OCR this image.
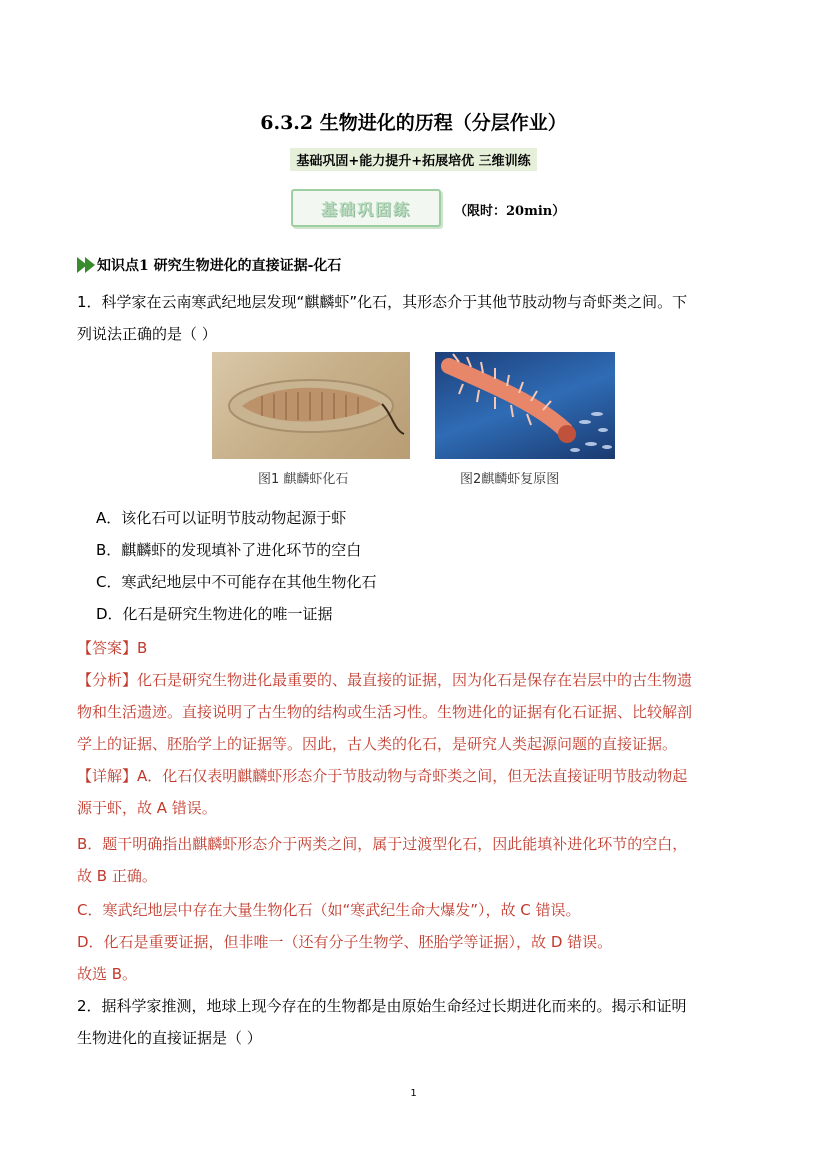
6.3.2 生物进化的历程（分层作业）
基础巩固+能力提升+拓展培优 三维训练
基础巩固练	（限时：20min）
知识点1 研究生物进化的直接证据-化石

1．科学家在云南寒武纪地层发现“麒麟虾”化石，其形态介于其他节肢动物与奇虾类之间。下

列说法正确的是（ ）

图1 麒麟虾化石	图2麒麟虾复原图
A．该化石可以证明节肢动物起源于虾
B．麒麟虾的发现填补了进化环节的空白
C．寒武纪地层中不可能存在其他生物化石
D．化石是研究生物进化的唯一证据

【答案】B

【分析】化石是研究生物进化最重要的、最直接的证据，因为化石是保存在岩层中的古生物遗

物和生活遗迹。直接说明了古生物的结构或生活习性。生物进化的证据有化石证据、比较解剖

学上的证据、胚胎学上的证据等。因此，古人类的化石，是研究人类起源问题的直接证据。

【详解】A．化石仅表明麒麟虾形态介于节肢动物与奇虾类之间，但无法直接证明节肢动物起

源于虾，故 A 错误。

B．题干明确指出麒麟虾形态介于两类之间，属于过渡型化石，因此能填补进化环节的空白，

故 B 正确。

C．寒武纪地层中存在大量生物化石（如“寒武纪生命大爆发”），故 C 错误。

D．化石是重要证据，但非唯一（还有分子生物学、胚胎学等证据），故 D 错误。

故选 B。

2．据科学家推测，地球上现今存在的生物都是由原始生命经过长期进化而来的。揭示和证明

生物进化的直接证据是（ ）

1
